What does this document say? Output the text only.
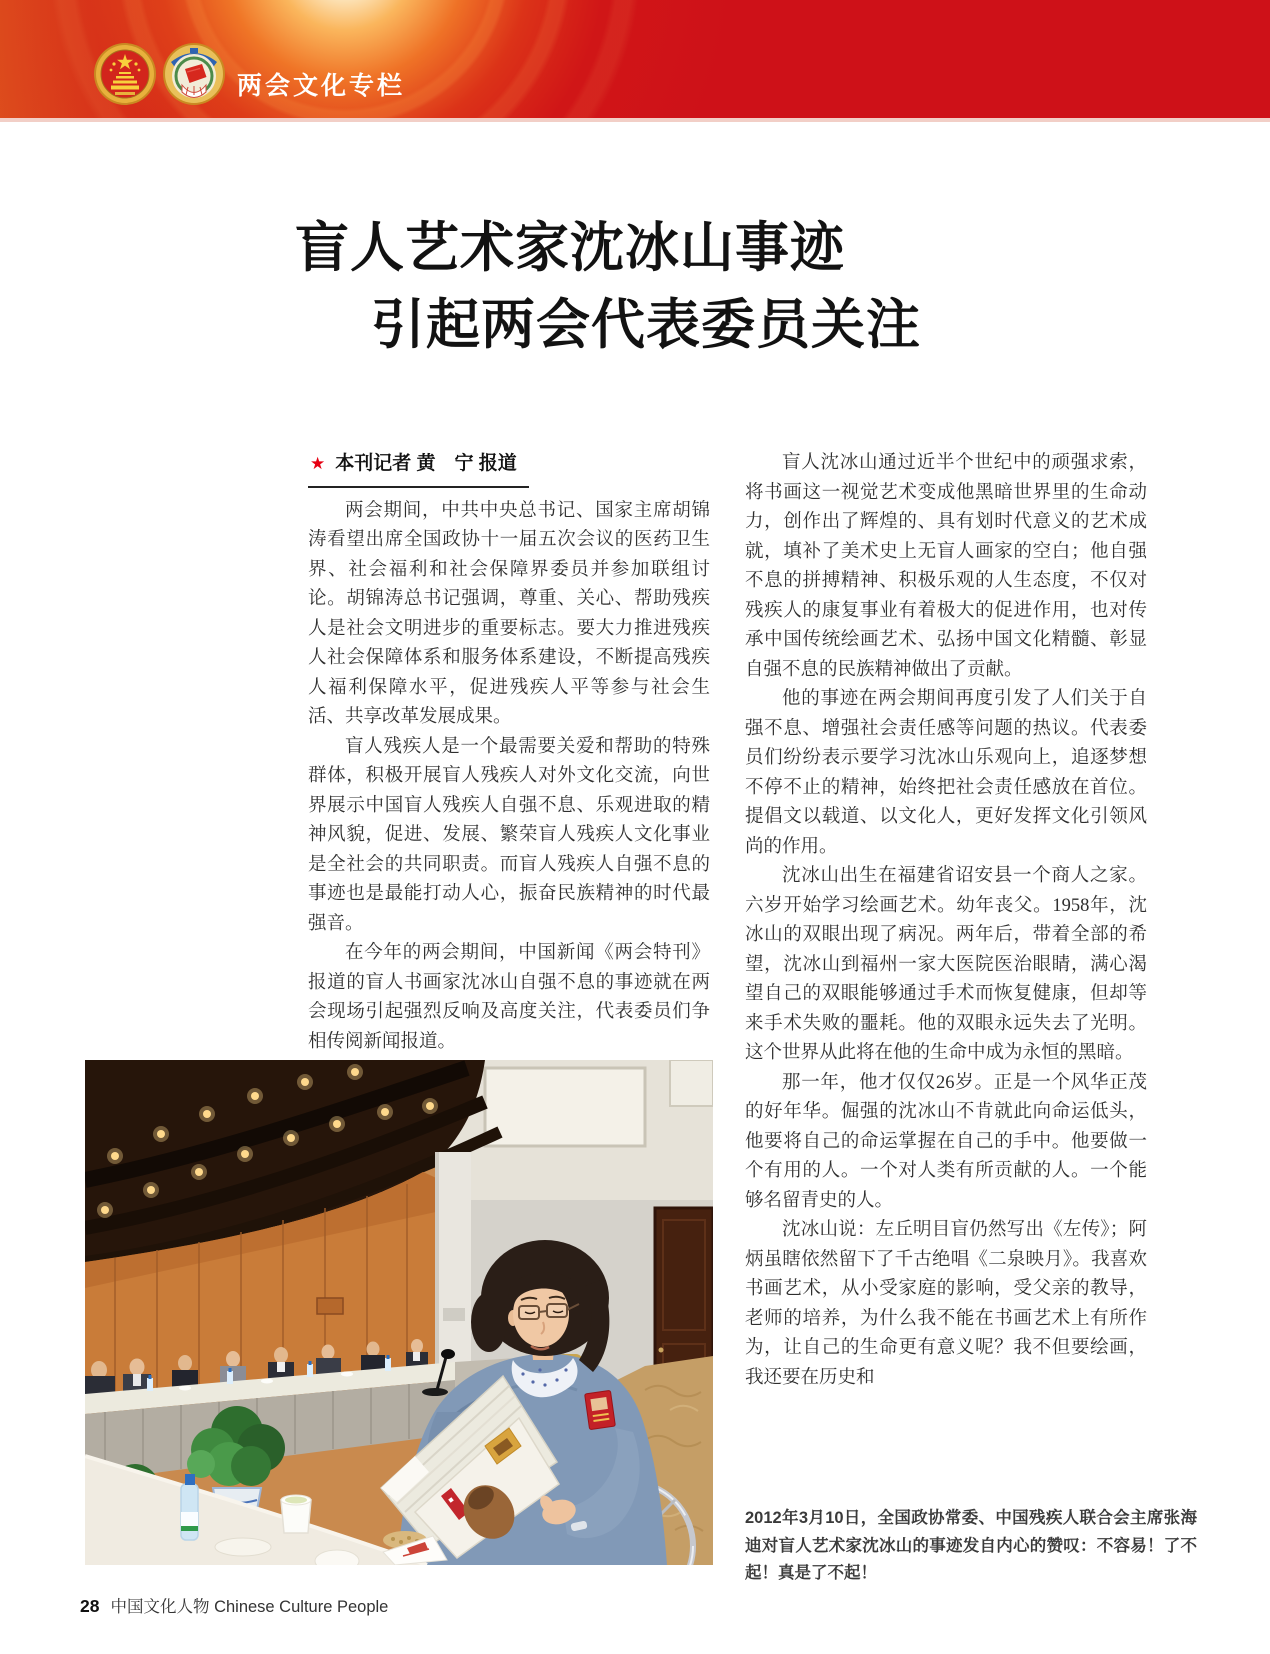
两会文化专栏
盲人艺术家沈冰山事迹
引起两会代表委员关注
★ 本刊记者 黄　宁 报道

两会期间，中共中央总书记、国家主席胡锦涛看望出席全国政协十一届五次会议的医药卫生界、社会福利和社会保障界委员并参加联组讨论。胡锦涛总书记强调，尊重、关心、帮助残疾人是社会文明进步的重要标志。要大力推进残疾人社会保障体系和服务体系建设，不断提高残疾人福利保障水平，促进残疾人平等参与社会生活、共享改革发展成果。

盲人残疾人是一个最需要关爱和帮助的特殊群体，积极开展盲人残疾人对外文化交流，向世界展示中国盲人残疾人自强不息、乐观进取的精神风貌，促进、发展、繁荣盲人残疾人文化事业是全社会的共同职责。而盲人残疾人自强不息的事迹也是最能打动人心，振奋民族精神的时代最强音。

在今年的两会期间，中国新闻《两会特刊》报道的盲人书画家沈冰山自强不息的事迹就在两会现场引起强烈反响及高度关注，代表委员们争相传阅新闻报道。

盲人沈冰山通过近半个世纪中的顽强求索，将书画这一视觉艺术变成他黑暗世界里的生命动力，创作出了辉煌的、具有划时代意义的艺术成就，填补了美术史上无盲人画家的空白；他自强不息的拼搏精神、积极乐观的人生态度，不仅对残疾人的康复事业有着极大的促进作用，也对传承中国传统绘画艺术、弘扬中国文化精髓、彰显自强不息的民族精神做出了贡献。

他的事迹在两会期间再度引发了人们关于自强不息、增强社会责任感等问题的热议。代表委员们纷纷表示要学习沈冰山乐观向上，追逐梦想不停不止的精神，始终把社会责任感放在首位。提倡文以载道、以文化人，更好发挥文化引领风尚的作用。

沈冰山出生在福建省诏安县一个商人之家。六岁开始学习绘画艺术。幼年丧父。1958年，沈冰山的双眼出现了病况。两年后，带着全部的希望，沈冰山到福州一家大医院医治眼睛，满心渴望自己的双眼能够通过手术而恢复健康，但却等来手术失败的噩耗。他的双眼永远失去了光明。这个世界从此将在他的生命中成为永恒的黑暗。

那一年，他才仅仅26岁。正是一个风华正茂的好年华。倔强的沈冰山不肯就此向命运低头，他要将自己的命运掌握在自己的手中。他要做一个有用的人。一个对人类有所贡献的人。一个能够名留青史的人。

沈冰山说：左丘明目盲仍然写出《左传》；阿炳虽瞎依然留下了千古绝唱《二泉映月》。我喜欢书画艺术，从小受家庭的影响，受父亲的教导，老师的培养，为什么我不能在书画艺术上有所作为，让自己的生命更有意义呢？我不但要绘画，我还要在历史和

2012年3月10日，全国政协常委、中国残疾人联合会主席张海迪对盲人艺术家沈冰山的事迹发自内心的赞叹：不容易！了不起！真是了不起！
28 中国文化人物 Chinese Culture People
